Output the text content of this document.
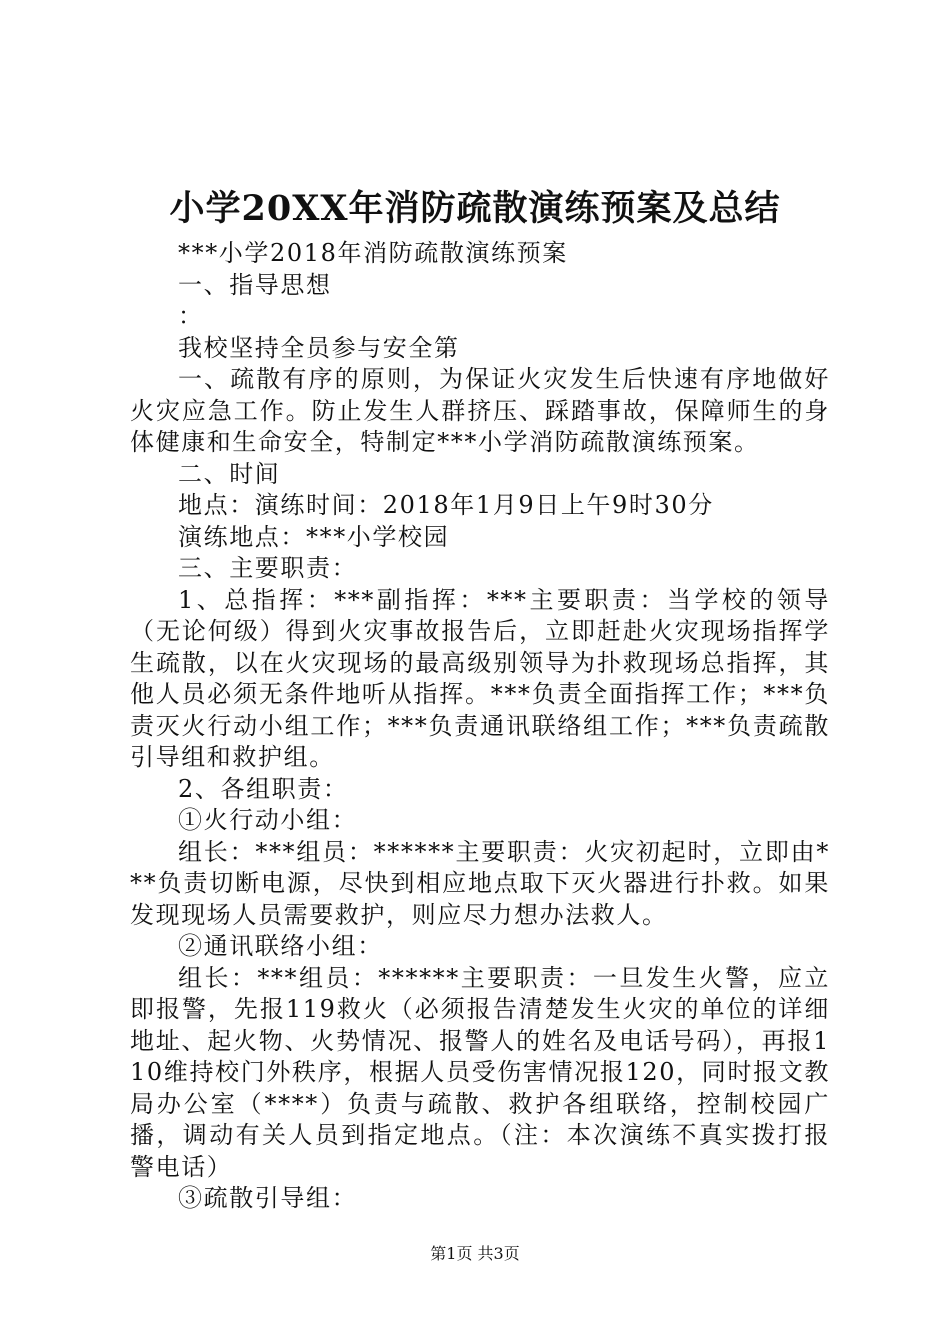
小学20XX年消防疏散演练预案及总结

***小学2018年消防疏散演练预案

一、指导思想

：

我校坚持全员参与安全第

一、疏散有序的原则，为保证火灾发生后快速有序地做好火灾应急工作。防止发生人群挤压、踩踏事故，保障师生的身体健康和生命安全，特制定***小学消防疏散演练预案。

二、时间

地点：演练时间：2018年1月9日上午9时30分

演练地点：***小学校园

三、主要职责：

1、总指挥：***副指挥：***主要职责：当学校的领导（无论何级）得到火灾事故报告后，立即赶赴火灾现场指挥学生疏散，以在火灾现场的最高级别领导为扑救现场总指挥，其他人员必须无条件地听从指挥。***负责全面指挥工作；***负责灭火行动小组工作；***负责通讯联络组工作；***负责疏散引导组和救护组。

2、各组职责：

①火行动小组：

组长：***组员：******主要职责：火灾初起时，立即由***负责切断电源，尽快到相应地点取下灭火器进行扑救。如果发现现场人员需要救护，则应尽力想办法救人。

②通讯联络小组：

组长：***组员：******主要职责：一旦发生火警，应立即报警，先报119救火（必须报告清楚发生火灾的单位的详细地址、起火物、火势情况、报警人的姓名及电话号码），再报110维持校门外秩序，根据人员受伤害情况报120，同时报文教局办公室（****）负责与疏散、救护各组联络，控制校园广播，调动有关人员到指定地点。（注：本次演练不真实拨打报警电话）

③疏散引导组：

第1页 共3页
